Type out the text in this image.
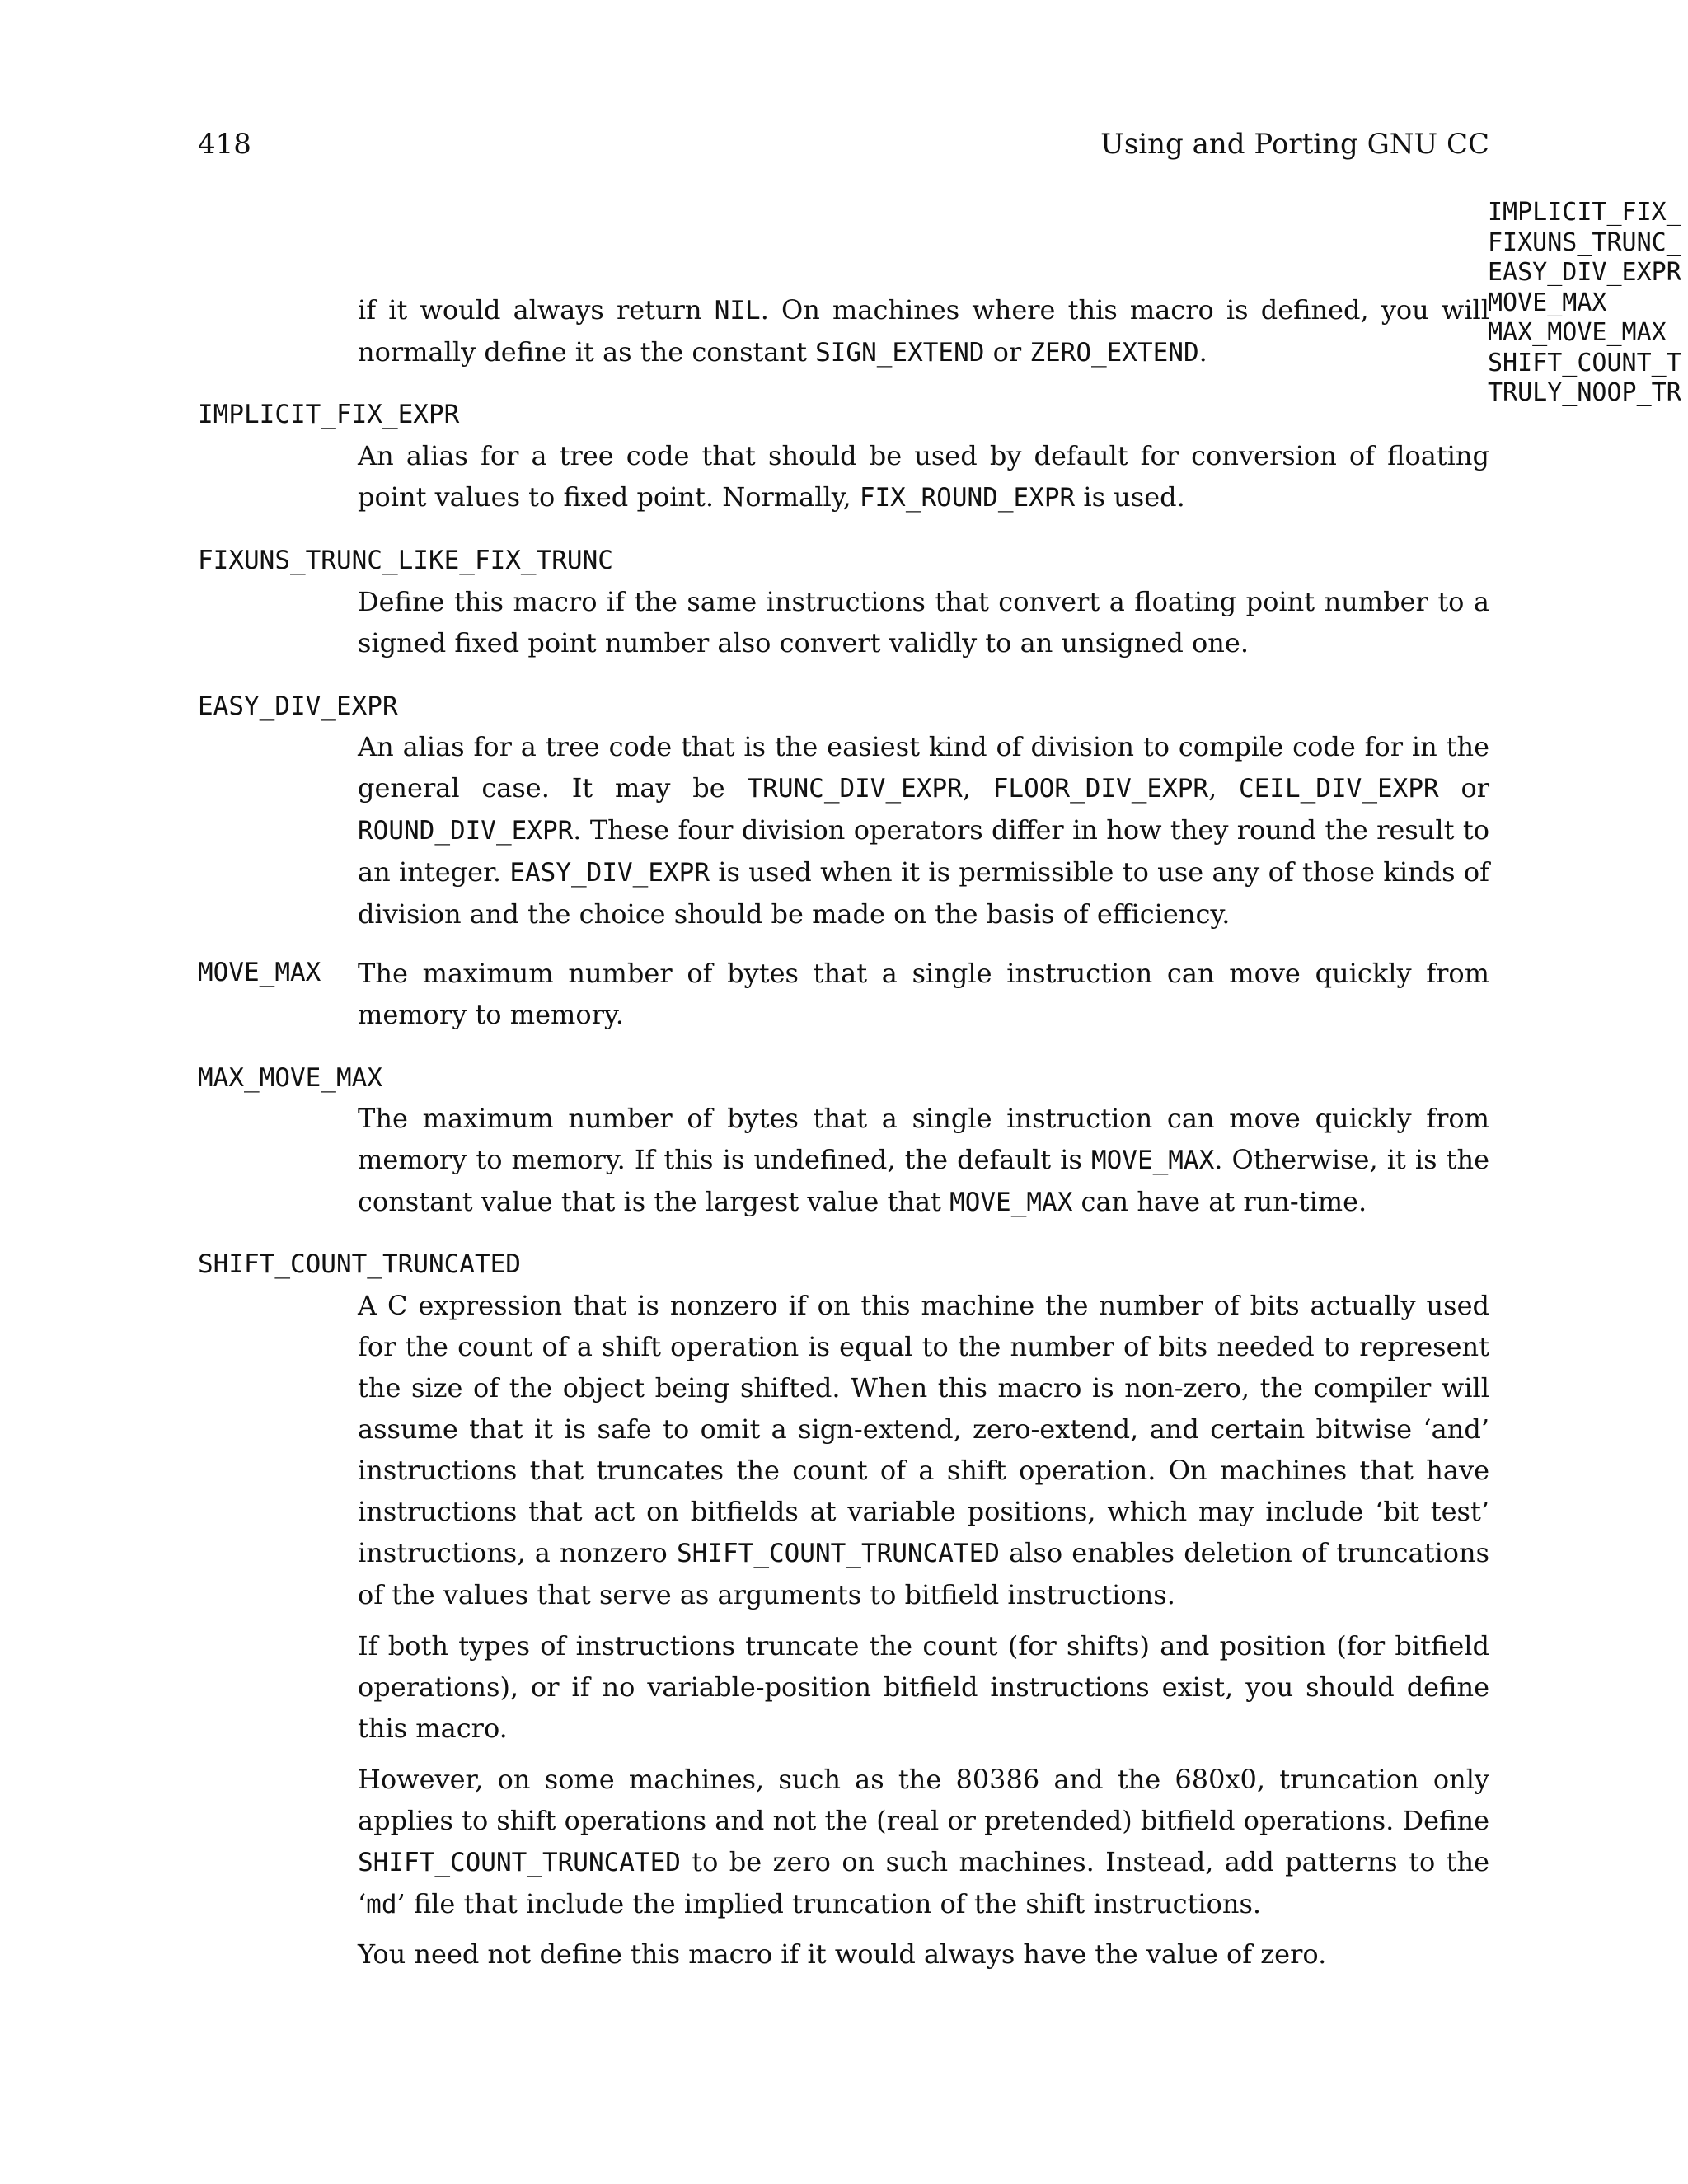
418	Using and Porting GNU CC
IMPLICIT_FIX_
FIXUNS_TRUNC_
EASY_DIV_EXPR
MOVE_MAX
MAX_MOVE_MAX
SHIFT_COUNT_T
TRULY_NOOP_TR

if it would always return NIL. On machines where this macro is defined, you will normally define it as the constant SIGN_EXTEND or ZERO_EXTEND.

IMPLICIT_FIX_EXPR

An alias for a tree code that should be used by default for conversion of floating point values to fixed point. Normally, FIX_ROUND_EXPR is used.

FIXUNS_TRUNC_LIKE_FIX_TRUNC

Define this macro if the same instructions that convert a floating point number to a signed fixed point number also convert validly to an unsigned one.

EASY_DIV_EXPR

An alias for a tree code that is the easiest kind of division to compile code for in the general case. It may be TRUNC_DIV_EXPR, FLOOR_DIV_EXPR, CEIL_DIV_EXPR or ROUND_DIV_EXPR. These four division operators differ in how they round the result to an integer. EASY_DIV_EXPR is used when it is permissible to use any of those kinds of division and the choice should be made on the basis of efficiency.

MOVE_MAX The maximum number of bytes that a single instruction can move quickly from memory to memory.

MAX_MOVE_MAX

The maximum number of bytes that a single instruction can move quickly from memory to memory. If this is undefined, the default is MOVE_MAX. Otherwise, it is the constant value that is the largest value that MOVE_MAX can have at run-time.

SHIFT_COUNT_TRUNCATED

A C expression that is nonzero if on this machine the number of bits actually used for the count of a shift operation is equal to the number of bits needed to represent the size of the object being shifted. When this macro is non-zero, the compiler will assume that it is safe to omit a sign-extend, zero-extend, and certain bitwise ‘and’ instructions that truncates the count of a shift operation. On machines that have instructions that act on bitfields at variable positions, which may include ‘bit test’ instructions, a nonzero SHIFT_COUNT_TRUNCATED also enables deletion of truncations of the values that serve as arguments to bitfield instructions.

If both types of instructions truncate the count (for shifts) and position (for bitfield operations), or if no variable-position bitfield instructions exist, you should define this macro.

However, on some machines, such as the 80386 and the 680x0, truncation only applies to shift operations and not the (real or pretended) bitfield operations. Define SHIFT_COUNT_TRUNCATED to be zero on such machines. Instead, add patterns to the ‘md’ file that include the implied truncation of the shift instructions.

You need not define this macro if it would always have the value of zero.
